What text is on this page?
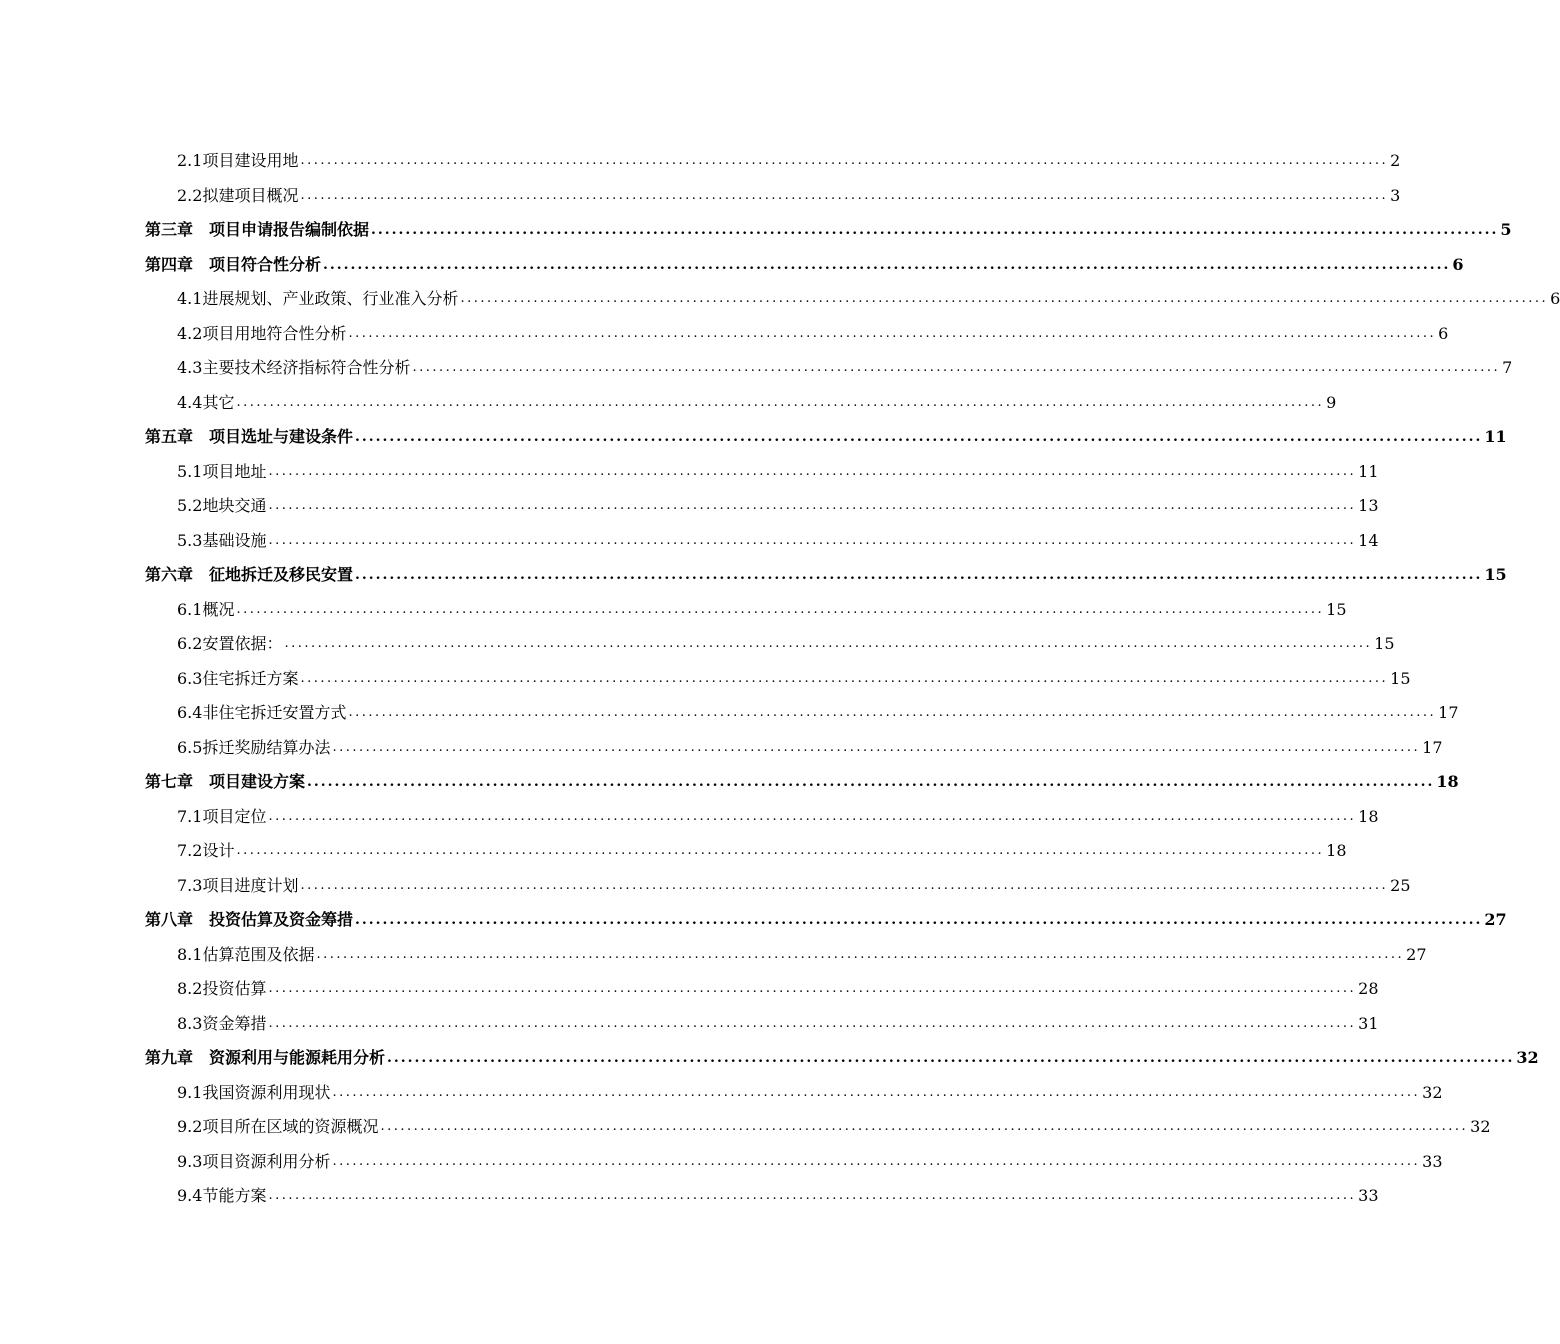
2.1项目建设用地 .................................................................................................................................................................... 2
2.2拟建项目概况 .................................................................................................................................................................... 3
第三章　项目申请报告编制依据 .................................................................................................................................................................... 5
第四章　项目符合性分析 .................................................................................................................................................................... 6
4.1进展规划、产业政策、行业准入分析 .................................................................................................................................................................... 6
4.2项目用地符合性分析 .................................................................................................................................................................... 6
4.3主要技术经济指标符合性分析 .................................................................................................................................................................... 7
4.4其它 .................................................................................................................................................................... 9
第五章　项目选址与建设条件 .................................................................................................................................................................... 11
5.1项目地址 .................................................................................................................................................................... 11
5.2地块交通 .................................................................................................................................................................... 13
5.3基础设施 .................................................................................................................................................................... 14
第六章　征地拆迁及移民安置 .................................................................................................................................................................... 15
6.1概况 .................................................................................................................................................................... 15
6.2安置依据： .................................................................................................................................................................... 15
6.3住宅拆迁方案 .................................................................................................................................................................... 15
6.4非住宅拆迁安置方式 .................................................................................................................................................................... 17
6.5拆迁奖励结算办法 .................................................................................................................................................................... 17
第七章　项目建设方案 .................................................................................................................................................................... 18
7.1项目定位 .................................................................................................................................................................... 18
7.2设计 .................................................................................................................................................................... 18
7.3项目进度计划 .................................................................................................................................................................... 25
第八章　投资估算及资金筹措 .................................................................................................................................................................... 27
8.1估算范围及依据 .................................................................................................................................................................... 27
8.2投资估算 .................................................................................................................................................................... 28
8.3资金筹措 .................................................................................................................................................................... 31
第九章　资源利用与能源耗用分析 .................................................................................................................................................................... 32
9.1我国资源利用现状 .................................................................................................................................................................... 32
9.2项目所在区域的资源概况 .................................................................................................................................................................... 32
9.3项目资源利用分析 .................................................................................................................................................................... 33
9.4节能方案 .................................................................................................................................................................... 33
